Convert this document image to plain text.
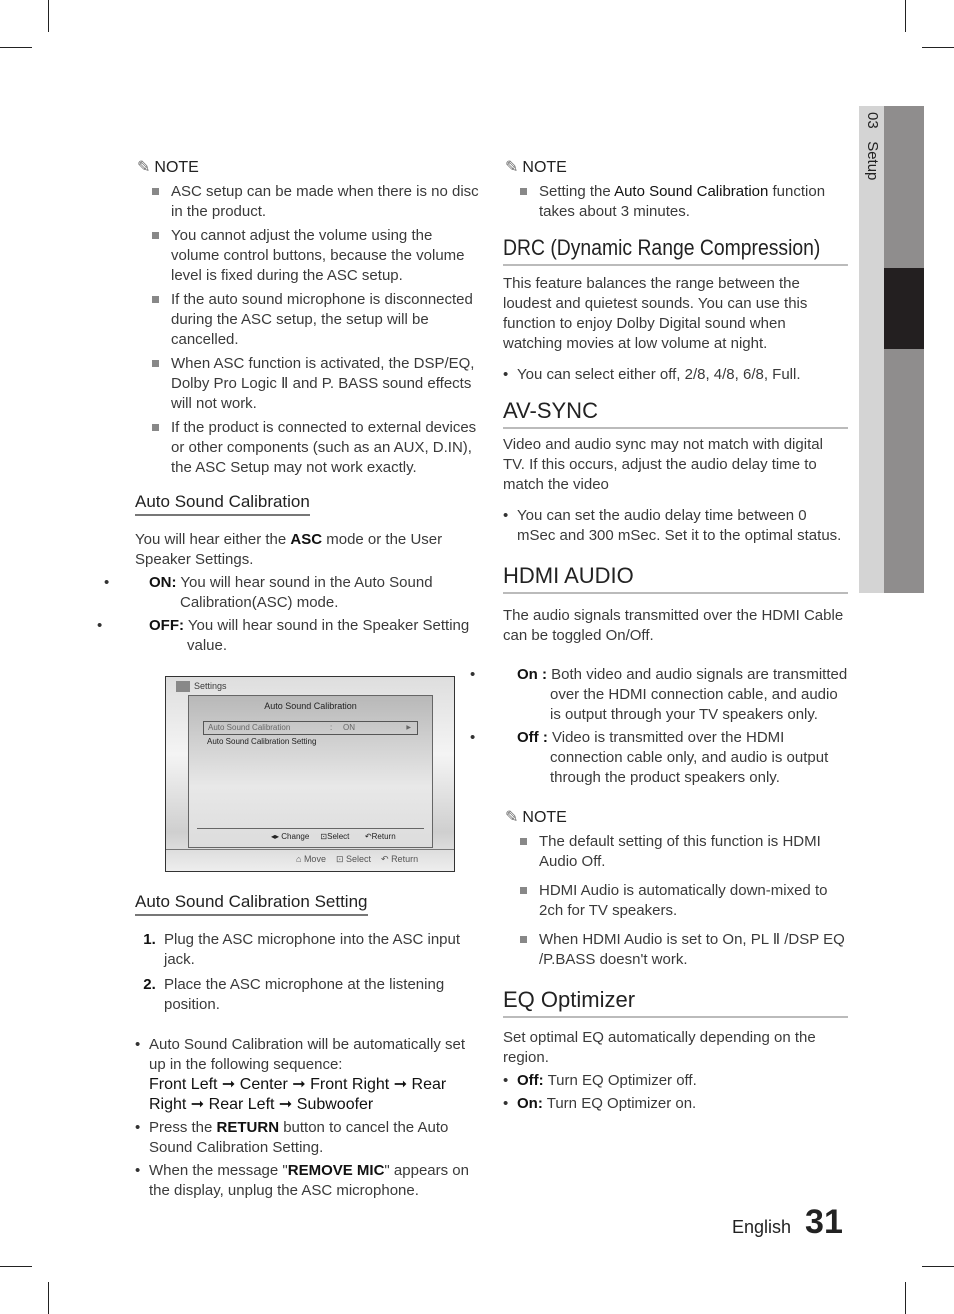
03   Setup
✎ NOTE
ASC setup can be made when there is no disc in the product.
You cannot adjust the volume using the volume control buttons, because the volume level is fixed during the ASC setup.
If the auto sound microphone is disconnected during the ASC setup, the setup will be cancelled.
When ASC function is activated, the DSP/EQ, Dolby Pro Logic Ⅱ and P. BASS sound effects will not work.
If the product is connected to external devices or other components (such as an AUX, D.IN), the ASC Setup may not work exactly.
Auto Sound Calibration
You will hear either the ASC mode or the User Speaker Settings.
• ON: You will hear sound in the Auto Sound Calibration(ASC) mode.
• OFF: You will hear sound in the Speaker Setting value.
Settings
⌂ Move    ⊡ Select    ↶ Return
Auto Sound Calibration
Auto Sound Calibration	: ON	▶
Auto Sound Calibration Setting
◂▸ Change     ⊡Select       ↶Return
Auto Sound Calibration Setting
1. Plug the ASC microphone into the ASC input jack.
2. Place the ASC microphone at the listening position.
• Auto Sound Calibration will be automatically set up in the following sequence:
Front Left ➞ Center ➞ Front Right ➞ Rear Right ➞ Rear Left ➞ Subwoofer
• Press the RETURN button to cancel the Auto Sound Calibration Setting.
• When the message "REMOVE MIC" appears on the display, unplug the ASC microphone.
✎ NOTE
Setting the Auto Sound Calibration function takes about 3 minutes.
DRC (Dynamic Range Compression)
This feature balances the range between the loudest and quietest sounds. You can use this function to enjoy Dolby Digital sound when watching movies at low volume at night.
• You can select either off, 2/8, 4/8, 6/8, Full.
AV-SYNC
Video and audio sync may not match with digital TV. If this occurs, adjust the audio delay time to match the video
• You can set the audio delay time between 0 mSec and 300 mSec. Set it to the optimal status.
HDMI AUDIO
The audio signals transmitted over the HDMI Cable can be toggled On/Off.
• On : Both video and audio signals are transmitted over the HDMI connection cable, and audio is output through your TV speakers only.
• Off : Video is transmitted over the HDMI connection cable only, and audio is output through the product speakers only.
✎ NOTE
The default setting of this function is HDMI Audio Off.
HDMI Audio is automatically down-mixed to 2ch for TV speakers.
When HDMI Audio is set to On, PL Ⅱ /DSP EQ /P.BASS doesn't work.
EQ Optimizer
Set optimal EQ automatically depending on the region.
• Off: Turn EQ Optimizer off.
• On: Turn EQ Optimizer on.
English 31
